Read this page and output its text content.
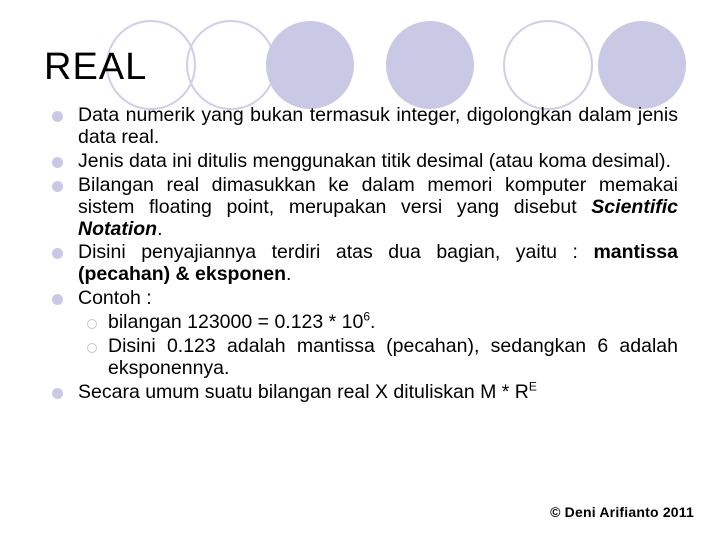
REAL

Data numerik yang bukan termasuk integer, digolongkan dalam jenis data real.

Jenis data ini ditulis menggunakan titik desimal (atau koma desimal).

Bilangan real dimasukkan ke dalam memori komputer memakai sistem floating point, merupakan versi yang disebut Scientific Notation.

Disini penyajiannya terdiri atas dua bagian, yaitu : mantissa (pecahan) & eksponen.

Contoh :

bilangan $123000 = 0.123 * 10^6$.

Disini 0.123 adalah mantissa (pecahan), sedangkan 6 adalah eksponennya.

Secara umum suatu bilangan real X dituliskan M * $R^E$

© Deni Arifianto 2011
